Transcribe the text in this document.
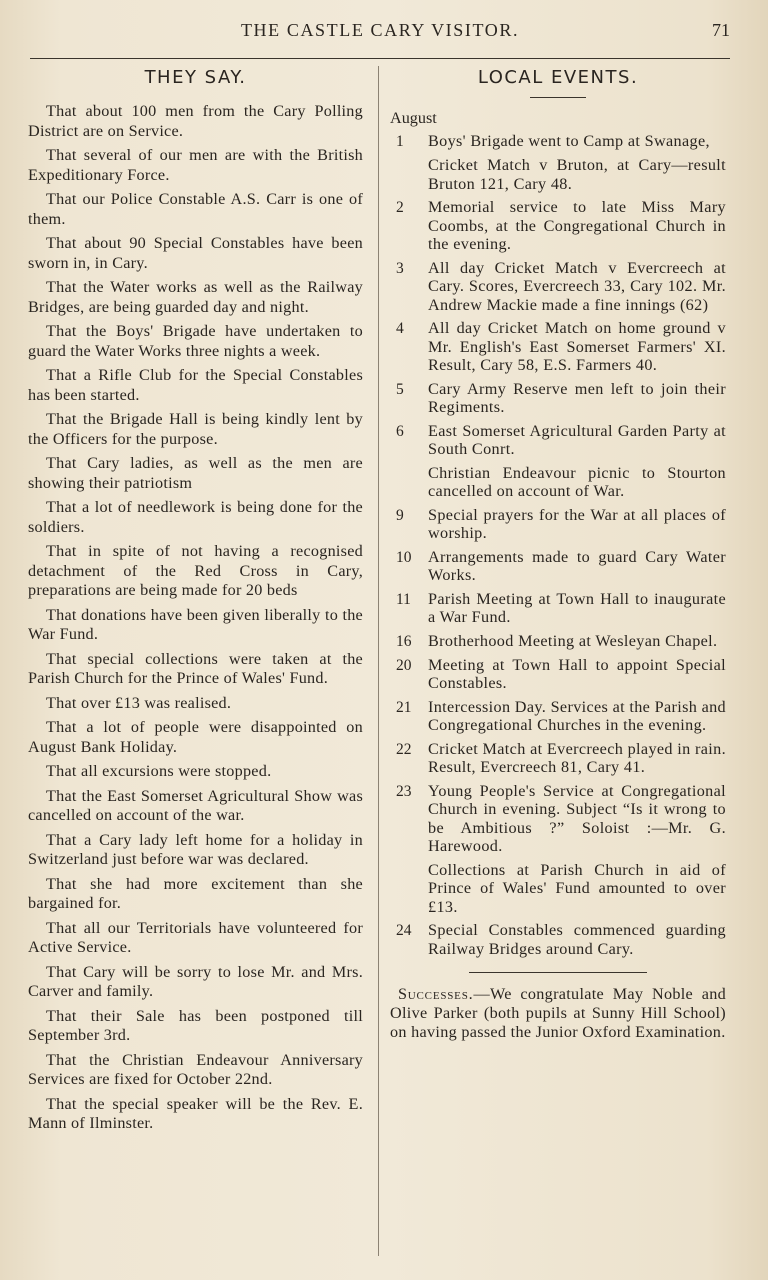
THE CASTLE CARY VISITOR.	71
THEY SAY.

That about 100 men from the Cary Polling District are on Service.

That several of our men are with the British Expeditionary Force.

That our Police Constable A.S. Carr is one of them.

That about 90 Special Constables have been sworn in, in Cary.

That the Water works as well as the Railway Bridges, are being guarded day and night.

That the Boys' Brigade have undertaken to guard the Water Works three nights a week.

That a Rifle Club for the Special Constables has been started.

That the Brigade Hall is being kindly lent by the Officers for the purpose.

That Cary ladies, as well as the men are showing their patriotism

That a lot of needlework is being done for the soldiers.

That in spite of not having a recognised detachment of the Red Cross in Cary, preparations are being made for 20 beds

That donations have been given liberally to the War Fund.

That special collections were taken at the Parish Church for the Prince of Wales' Fund.

That over £13 was realised.

That a lot of people were disappointed on August Bank Holiday.

That all excursions were stopped.

That the East Somerset Agricultural Show was cancelled on account of the war.

That a Cary lady left home for a holiday in Switzerland just before war was declared.

That she had more excitement than she bargained for.

That all our Territorials have volunteered for Active Service.

That Cary will be sorry to lose Mr. and Mrs. Carver and family.

That their Sale has been postponed till September 3rd.

That the Christian Endeavour Anniversary Services are fixed for October 22nd.

That the special speaker will be the Rev. E. Mann of Ilminster.

LOCAL EVENTS.
August
1	Boys' Brigade went to Camp at Swanage,
Cricket Match v Bruton, at Cary—result Bruton 121, Cary 48.
2	Memorial service to late Miss Mary Coombs, at the Congregational Church in the evening.
3	All day Cricket Match v Evercreech at Cary. Scores, Evercreech 33, Cary 102. Mr. Andrew Mackie made a fine innings (62)
4	All day Cricket Match on home ground v Mr. English's East Somerset Farmers' XI. Result, Cary 58, E.S. Farmers 40.
5	Cary Army Reserve men left to join their Regiments.
6	East Somerset Agricultural Garden Party at South Conrt.
Christian Endeavour picnic to Stourton cancelled on account of War.
9	Special prayers for the War at all places of worship.
10	Arrangements made to guard Cary Water Works.
11	Parish Meeting at Town Hall to inaugurate a War Fund.
16	Brotherhood Meeting at Wesleyan Chapel.
20	Meeting at Town Hall to appoint Special Constables.
21	Intercession Day. Services at the Parish and Congregational Churches in the evening.
22	Cricket Match at Evercreech played in rain. Result, Evercreech 81, Cary 41.
23	Young People's Service at Congregational Church in evening. Subject “Is it wrong to be Ambitious ?” Soloist :—Mr. G. Harewood.
Collections at Parish Church in aid of Prince of Wales' Fund amounted to over £13.
24	Special Constables commenced guarding Railway Bridges around Cary.
Successes.—We congratulate May Noble and Olive Parker (both pupils at Sunny Hill School) on having passed the Junior Oxford Examination.
